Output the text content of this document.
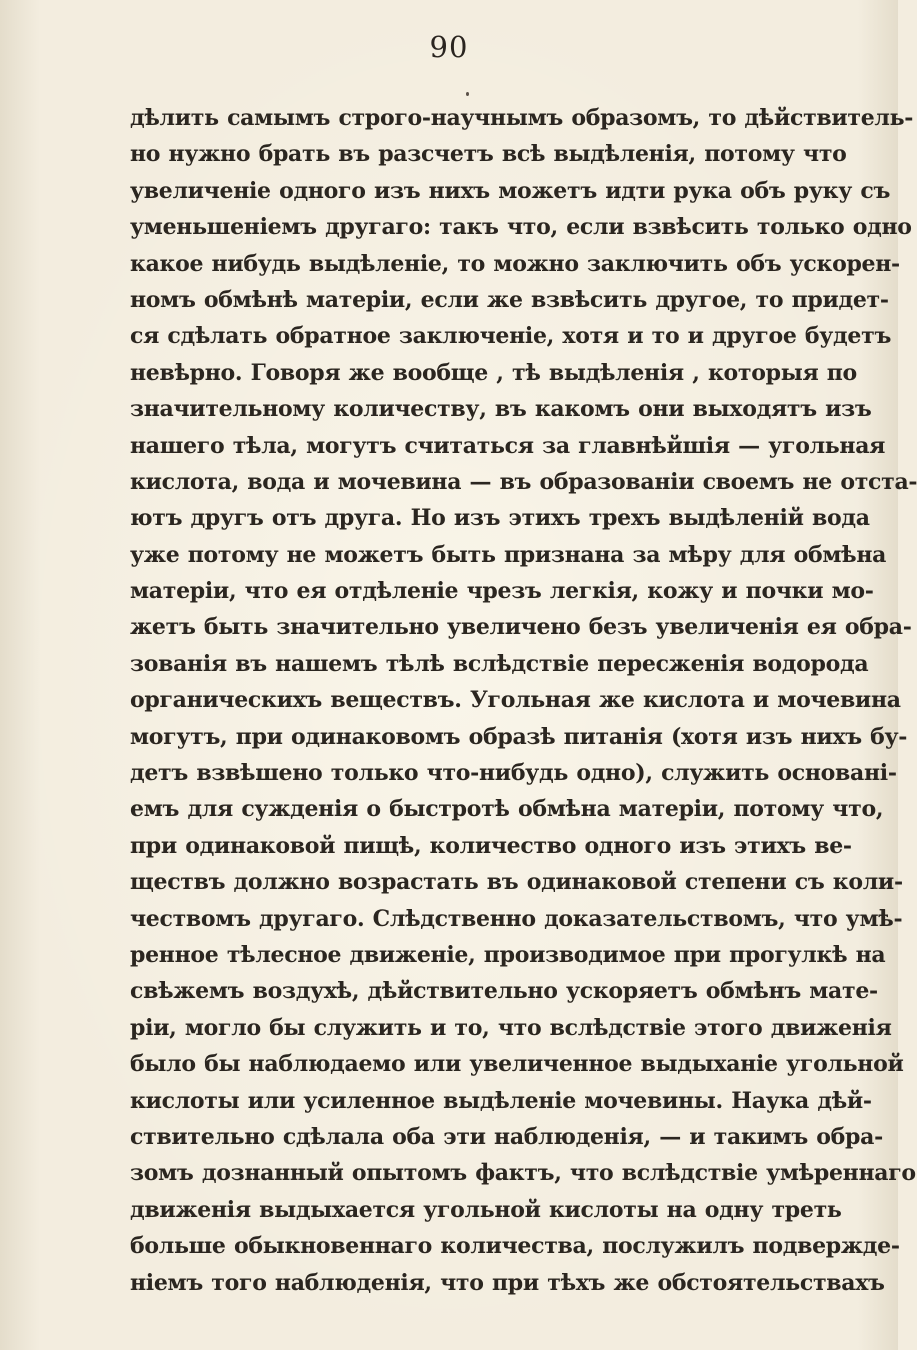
90
дѣлить самымъ строго-научнымъ образомъ, то дѣйствитель-
но нужно брать въ разсчетъ всѣ выдѣленія, потому что
увеличеніе одного изъ нихъ можетъ идти рука объ руку съ
уменьшеніемъ другаго: такъ что, если взвѣсить только одно
какое нибудь выдѣленіе, то можно заключить объ ускорен-
номъ обмѣнѣ матеріи, если же взвѣсить другое, то придет-
ся сдѣлать обратное заключеніе, хотя и то и другое будетъ
невѣрно. Говоря же вообще , тѣ выдѣленія , которыя по
значительному количеству, въ какомъ они выходятъ изъ
нашего тѣла, могутъ считаться за главнѣйшія — угольная
кислота, вода и мочевина — въ образованіи своемъ не отста-
ютъ другъ отъ друга. Но изъ этихъ трехъ выдѣленій вода
уже потому не можетъ быть признана за мѣру для обмѣна
матеріи, что ея отдѣленіе чрезъ легкія, кожу и почки мо-
жетъ быть значительно увеличено безъ увеличенія ея обра-
зованія въ нашемъ тѣлѣ вслѣдствіе пересженія водорода
органическихъ веществъ. Угольная же кислота и мочевина
могутъ, при одинаковомъ образѣ питанія (хотя изъ нихъ бу-
детъ взвѣшено только что-нибудь одно), служить основані-
емъ для сужденія о быстротѣ обмѣна матеріи, потому что,
при одинаковой пищѣ, количество одного изъ этихъ ве-
ществъ должно возрастать въ одинаковой степени съ коли-
чествомъ другаго. Слѣдственно доказательствомъ, что умѣ-
ренное тѣлесное движеніе, производимое при прогулкѣ на
свѣжемъ воздухѣ, дѣйствительно ускоряетъ обмѣнъ мате-
ріи, могло бы служить и то, что вслѣдствіе этого движенія
было бы наблюдаемо или увеличенное выдыханіе угольной
кислоты или усиленное выдѣленіе мочевины. Наука дѣй-
ствительно сдѣлала оба эти наблюденія, — и такимъ обра-
зомъ дознанный опытомъ фактъ, что вслѣдствіе умѣреннаго
движенія выдыхается угольной кислоты на одну треть
больше обыкновеннаго количества, послужилъ подвержде-
ніемъ того наблюденія, что при тѣхъ же обстоятельствахъ
